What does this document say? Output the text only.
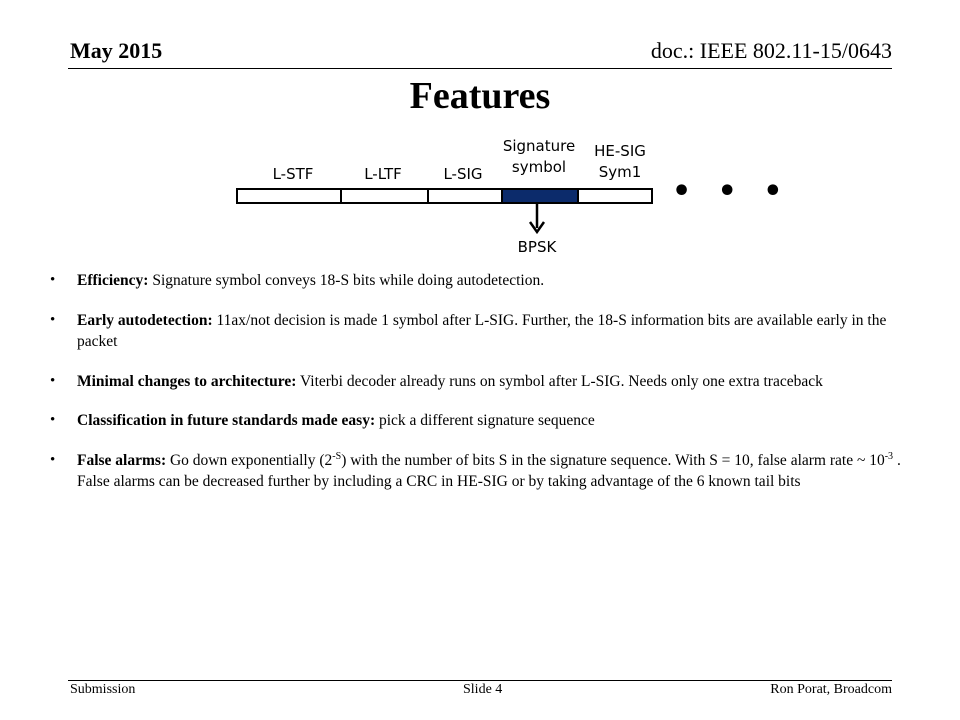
May 2015	doc.: IEEE 802.11-15/0643
Features
L-STF	L-LTF	L-SIG
Signature
symbol
HE-SIG
Sym1
• • •
BPSK
• Efficiency: Signature symbol conveys 18-S bits while doing autodetection.
• Early autodetection: 11ax/not decision is made 1 symbol after L-SIG. Further, the 18-S information bits are available early in the packet
• Minimal changes to architecture: Viterbi decoder already runs on symbol after L-SIG. Needs only one extra traceback
• Classification in future standards made easy: pick a different signature sequence
• False alarms: Go down exponentially $(2^{-S})$ with the number of bits S in the signature sequence. With S = 10, false alarm rate ~ $10^{-3}$ . False alarms can be decreased further by including a CRC in HE-SIG or by taking advantage of the 6 known tail bits
Submission	Slide 4	Ron Porat, Broadcom
